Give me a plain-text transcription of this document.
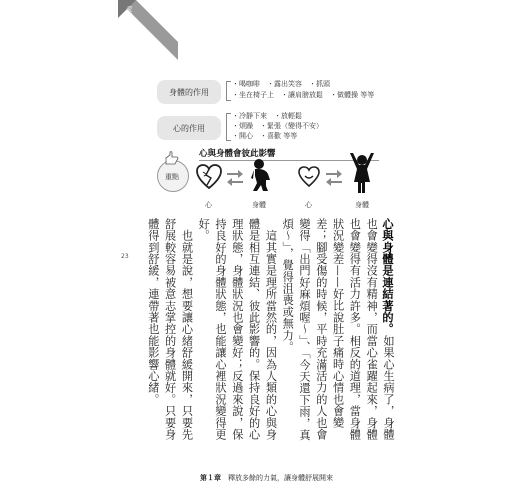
愛的學習
身體的作用
・喝咖啡　・露出笑容　・抓頭
・坐在椅子上　・讓肩膀放鬆　・做體操 等等
心的作用
・冷靜下來　・放輕鬆
・煩躁　・緊張（變得不安）
・開心　・喜歡 等等
心與身體會彼此影響
重點
心	身體	心	身體
23	心與身體是連結著的。如果心生病了，身體也會變得沒有精神，而當心雀躍起來，身體也會變得有活力許多。相反的道理，當身體狀況變差——好比說肚子痛時心情也會變差；腳受傷的時候，平時充滿活力的人也會變得「出門好麻煩喔～」、「今天還下雨，真煩～」，覺得沮喪或無力。

　這其實是理所當然的，因為人類的心與身體是相互連結、彼此影響的。保持良好的心理狀態，身體狀況也會變好；反過來說，保持良好的身體狀態，也能讓心裡狀況變得更好。

　也就是說，想要讓心緒舒緩開來，只要先舒展較容易被意志掌控的身體就好。只要身體得到舒緩，連帶著也能影響心緒。

第１章　 釋放多餘的力氣，讓身體舒展開來
